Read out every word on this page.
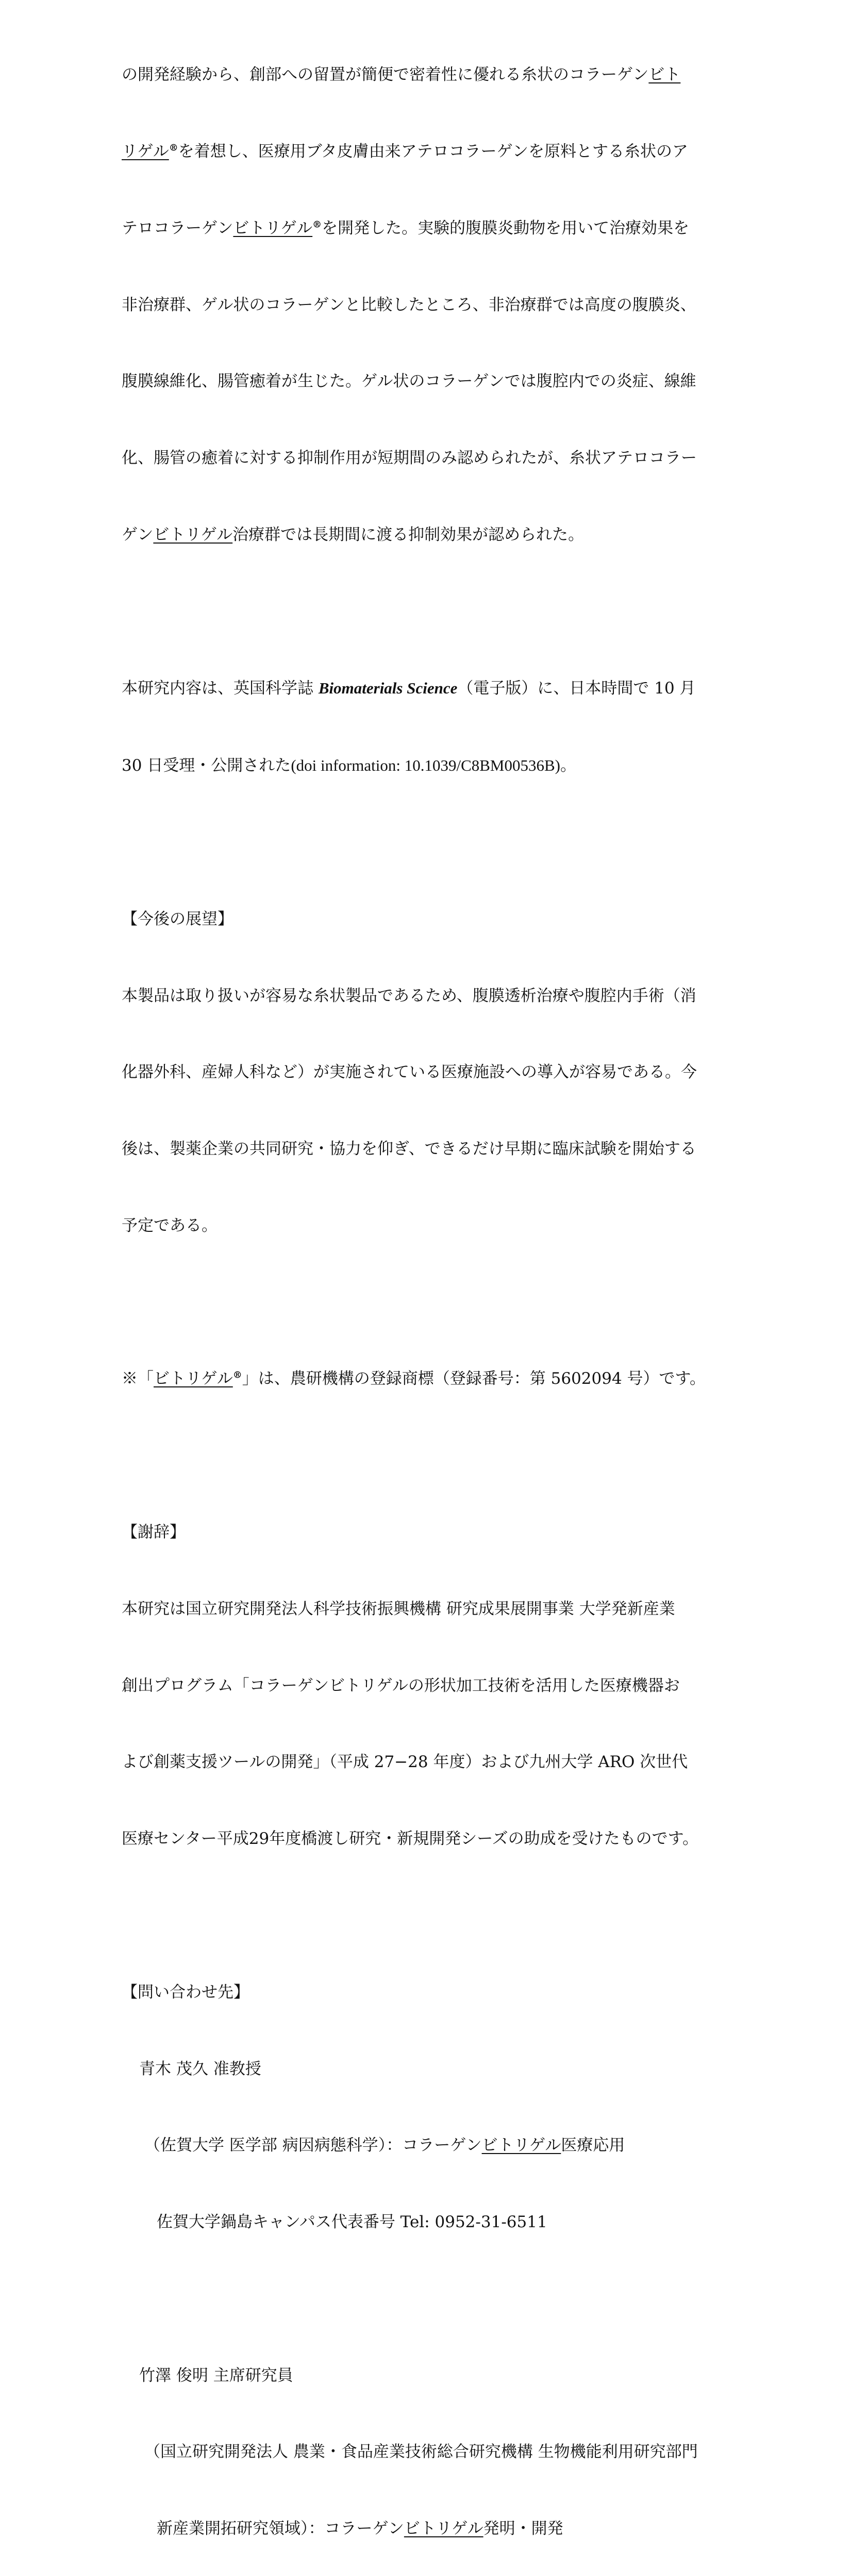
の開発経験から、創部への留置が簡便で密着性に優れる糸状のコラーゲンビト

リゲル®を着想し、医療用ブタ皮膚由来アテロコラーゲンを原料とする糸状のア

テロコラーゲンビトリゲル®を開発した。実験的腹膜炎動物を用いて治療効果を

非治療群、ゲル状のコラーゲンと比較したところ、非治療群では高度の腹膜炎、

腹膜線維化、腸管癒着が生じた。ゲル状のコラーゲンでは腹腔内での炎症、線維

化、腸管の癒着に対する抑制作用が短期間のみ認められたが、糸状アテロコラー

ゲンビトリゲル治療群では長期間に渡る抑制効果が認められた。

本研究内容は、英国科学誌 Biomaterials Science（電子版）に、日本時間で 10 月

30 日受理・公開された(doi information: 10.1039/C8BM00536B)。

【今後の展望】

本製品は取り扱いが容易な糸状製品であるため、腹膜透析治療や腹腔内手術（消

化器外科、産婦人科など）が実施されている医療施設への導入が容易である。今

後は、製薬企業の共同研究・協力を仰ぎ、できるだけ早期に臨床試験を開始する

予定である。

※「ビトリゲル®」は、農研機構の登録商標（登録番号：第 5602094 号）です。

【謝辞】

本研究は国立研究開発法人科学技術振興機構 研究成果展開事業 大学発新産業

創出プログラム「コラーゲンビトリゲルの形状加工技術を活用した医療機器お

よび創薬支援ツールの開発」（平成 27−28 年度）および九州大学 ARO 次世代

医療センター平成29年度橋渡し研究・新規開発シーズの助成を受けたものです。

【問い合わせ先】

青木 茂久 准教授

（佐賀大学 医学部 病因病態科学）：コラーゲンビトリゲル医療応用

佐賀大学鍋島キャンパス代表番号 Tel: 0952-31-6511

竹澤 俊明 主席研究員

（国立研究開発法人 農業・食品産業技術総合研究機構 生物機能利用研究部門

新産業開拓研究領域）：コラーゲンビトリゲル発明・開発
